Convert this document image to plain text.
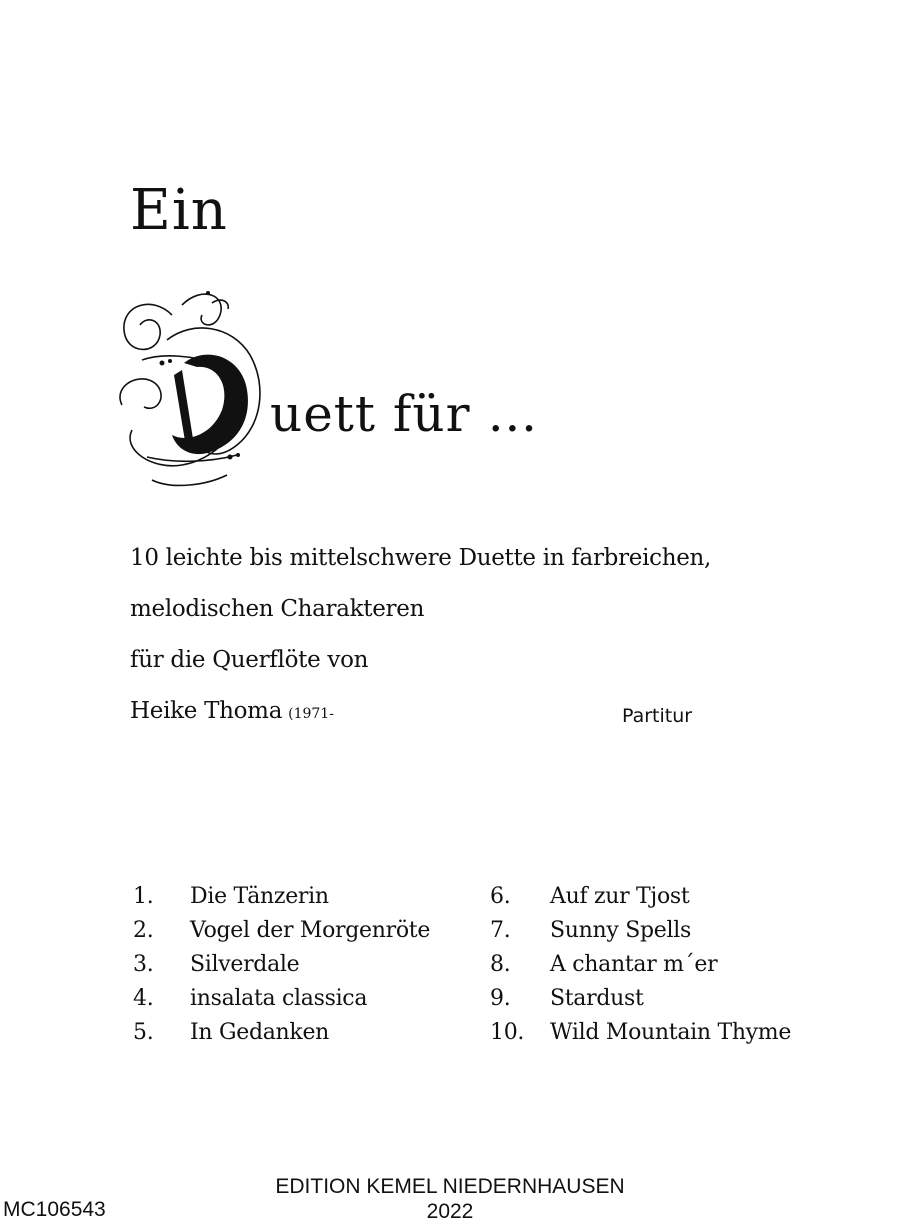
Ein
uett für …
10 leichte bis mittelschwere Duette in farbreichen,
melodischen Charakteren
für die Querflöte von
Heike Thoma (1971-	Partitur
1. Die Tänzerin
2. Vogel der Morgenröte
3. Silverdale
4. insalata classica
5. In Gedanken
6. Auf zur Tjost
7. Sunny Spells
8. A chantar m´er
9. Stardust
10. Wild Mountain Thyme
EDITION KEMEL NIEDERNHAUSEN
2022
MC106543
